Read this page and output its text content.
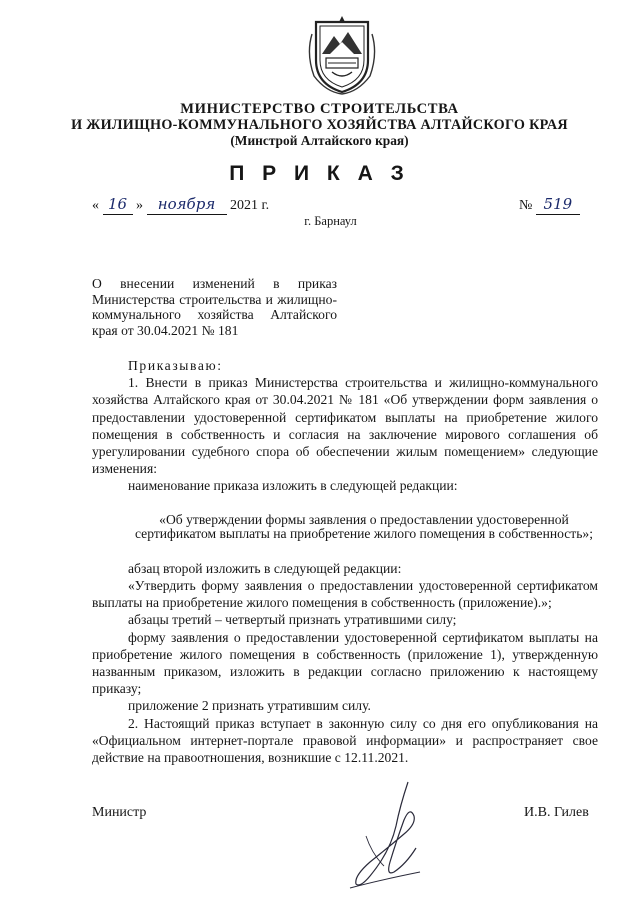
МИНИСТЕРСТВО СТРОИТЕЛЬСТВА
И ЖИЛИЩНО-КОММУНАЛЬНОГО ХОЗЯЙСТВА АЛТАЙСКОГО КРАЯ
(Минстрой Алтайского края)
П Р И К А З
« 16 » ноября 2021 г.	№ 519
г. Барнаул
О внесении изменений в приказ Министерства строительства и жилищно-коммунального хозяйства Алтайского края от 30.04.2021 № 181

Приказываю:

1. Внести в приказ Министерства строительства и жилищно-коммунального хозяйства Алтайского края от 30.04.2021 № 181 «Об утверждении форм заявления о предоставлении удостоверенной сертификатом выплаты на приобретение жилого помещения в собственность и согласия на заключение мирового соглашения об урегулировании судебного спора об обеспечении жилым помещением» следующие изменения:

наименование приказа изложить в следующей редакции:

«Об утверждении формы заявления о предоставлении удостоверенной сертификатом выплаты на приобретение жилого помещения в собственность»;

абзац второй изложить в следующей редакции:

«Утвердить форму заявления о предоставлении удостоверенной сертификатом выплаты на приобретение жилого помещения в собственность (приложение).»;

абзацы третий – четвертый признать утратившими силу;

форму заявления о предоставлении удостоверенной сертификатом выплаты на приобретение жилого помещения в собственность (приложение 1), утвержденную названным приказом, изложить в редакции согласно приложению к настоящему приказу;

приложение 2 признать утратившим силу.

2. Настоящий приказ вступает в законную силу со дня его опубликования на «Официальном интернет-портале правовой информации» и распространяет свое действие на правоотношения, возникшие с 12.11.2021.

Министр	И.В. Гилев
